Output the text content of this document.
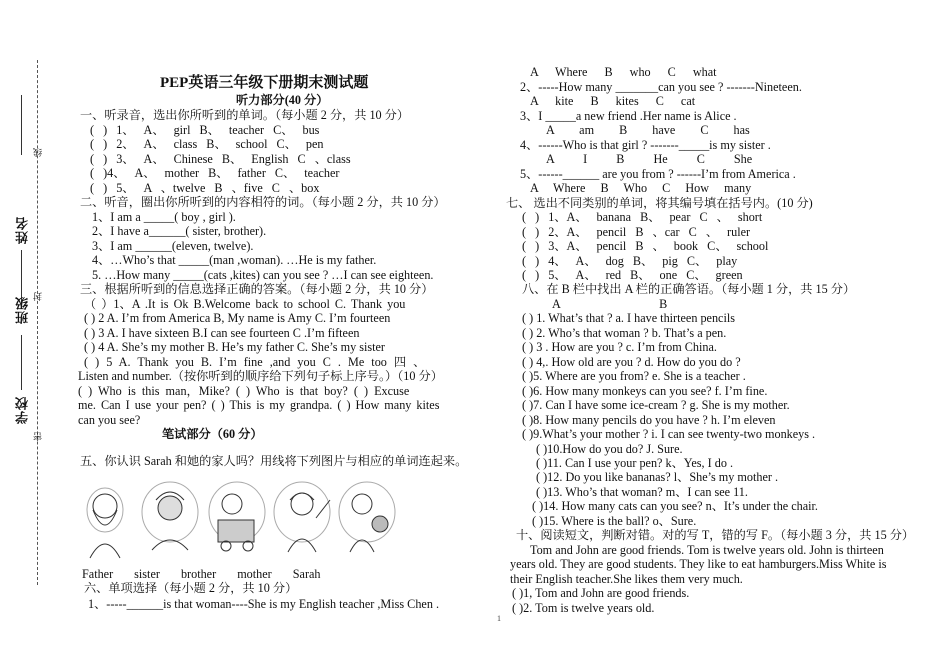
姓名
班级
学校
线
封
密
PEP英语三年级下册期末测试题
听力部分(40 分）
一、听录音，选出你所听到的单词。（每小题 2 分，共 10 分）
( ) 1、 A、 girl B、 teacher C、 bus
( ) 2、 A、 class B、 school C、 pen
( ) 3、 A、 Chinese B、 English C 、class
( )4、 A、 mother B、 father C、 teacher
( ) 5、 A 、twelve B 、five C 、box
二、听音，圈出你所听到的内容相符的词。（每小题 2 分，共 10 分）
1、I am a _____( boy , girl ).
2、I have a______( sister, brother).
3、I am ______(eleven, twelve).
4、…Who’s that _____(man ,woman). …He is my father.
5. …How many _____(cats ,kites) can you see ? …I can see eighteen.
三、根据所听到的信息选择正确的答案。（每小题 2 分，共 10 分）
（ ）1、A .It is Ok B.Welcome back to school C. Thank you
( ) 2 A. I’m from America B, My name is Amy C. I’m fourteen
( ) 3 A. I have sixteen B.I can see fourteen C .I’m fifteen
( ) 4 A. She’s my mother B. He’s my father C. She’s my sister
( ) 5 A. Thank you B. I’m fine ,and you C . Me too 四 、
Listen and number.（按你听到的顺序给下列句子标上序号。）（10 分）
( ) Who is this man，Mike? ( ) Who is that boy? ( ) Excuse
me. Can I use your pen? ( ) This is my grandpa. ( ) How many kites
can you see?
笔试部分（60 分）
五、你认识 Sarah 和她的家人吗？用线将下列图片与相应的单词连起来。
Father sister brother mother Sarah
六、单项选择（每小题 2 分，共 10 分）
1、-----______is that woman----She is my English teacher ,Miss Chen .
A Where B who C what
2、-----How many _______can you see ? -------Nineteen.
A kite B kites C cat
3、I _____a new friend .Her name is Alice .
A am B have C has
4、------Who is that girl ? -------_____is my sister .
A I B He C She
5、------______ are you from ? ------I’m from America .
A Where B Who C How many
七、 选出不同类别的单词，将其编号填在括号内。(10 分)
( ) 1、A、 banana B、 pear C 、 short
( ) 2、A、 pencil B 、car C 、 ruler
( ) 3、A、 pencil B 、 book C、 school
( ) 4、 A、 dog B、 pig C、 play
( ) 5、 A、 red B、 one C、 green
八、在 B 栏中找出 A 栏的正确答语。（每小题 1 分，共 15 分）
A B
( ) 1. What’s that ? a. I have thirteen pencils
( ) 2. Who’s that woman ? b. That’s a pen.
( ) 3 . How are you ? c. I’m from China.
( ) 4,. How old are you ? d. How do you do ?
( )5. Where are you from? e. She is a teacher .
( )6. How many monkeys can you see? f. I’m fine.
( )7. Can I have some ice-cream ? g. She is my mother.
( )8. How many pencils do you have ? h. I’m eleven
( )9.What’s your mother ? i. I can see twenty-two monkeys .
( )10.How do you do? J. Sure.
( )11. Can I use your pen? k、Yes, I do .
( )12. Do you like bananas? l、She’s my mother .
( )13. Who’s that woman? m、I can see 11.
( )14. How many cats can you see? n、It’s under the chair.
( )15. Where is the ball? o、Sure.
十、阅读短文，判断对错。对的写 T，错的写 F。（每小题 3 分，共 15 分）
Tom and John are good friends. Tom is twelve years old. John is thirteen
years old. They are good students. They like to eat hamburgers.Miss White is
their English teacher.She likes them very much.
( )1, Tom and John are good friends.
( )2. Tom is twelve years old.
1
